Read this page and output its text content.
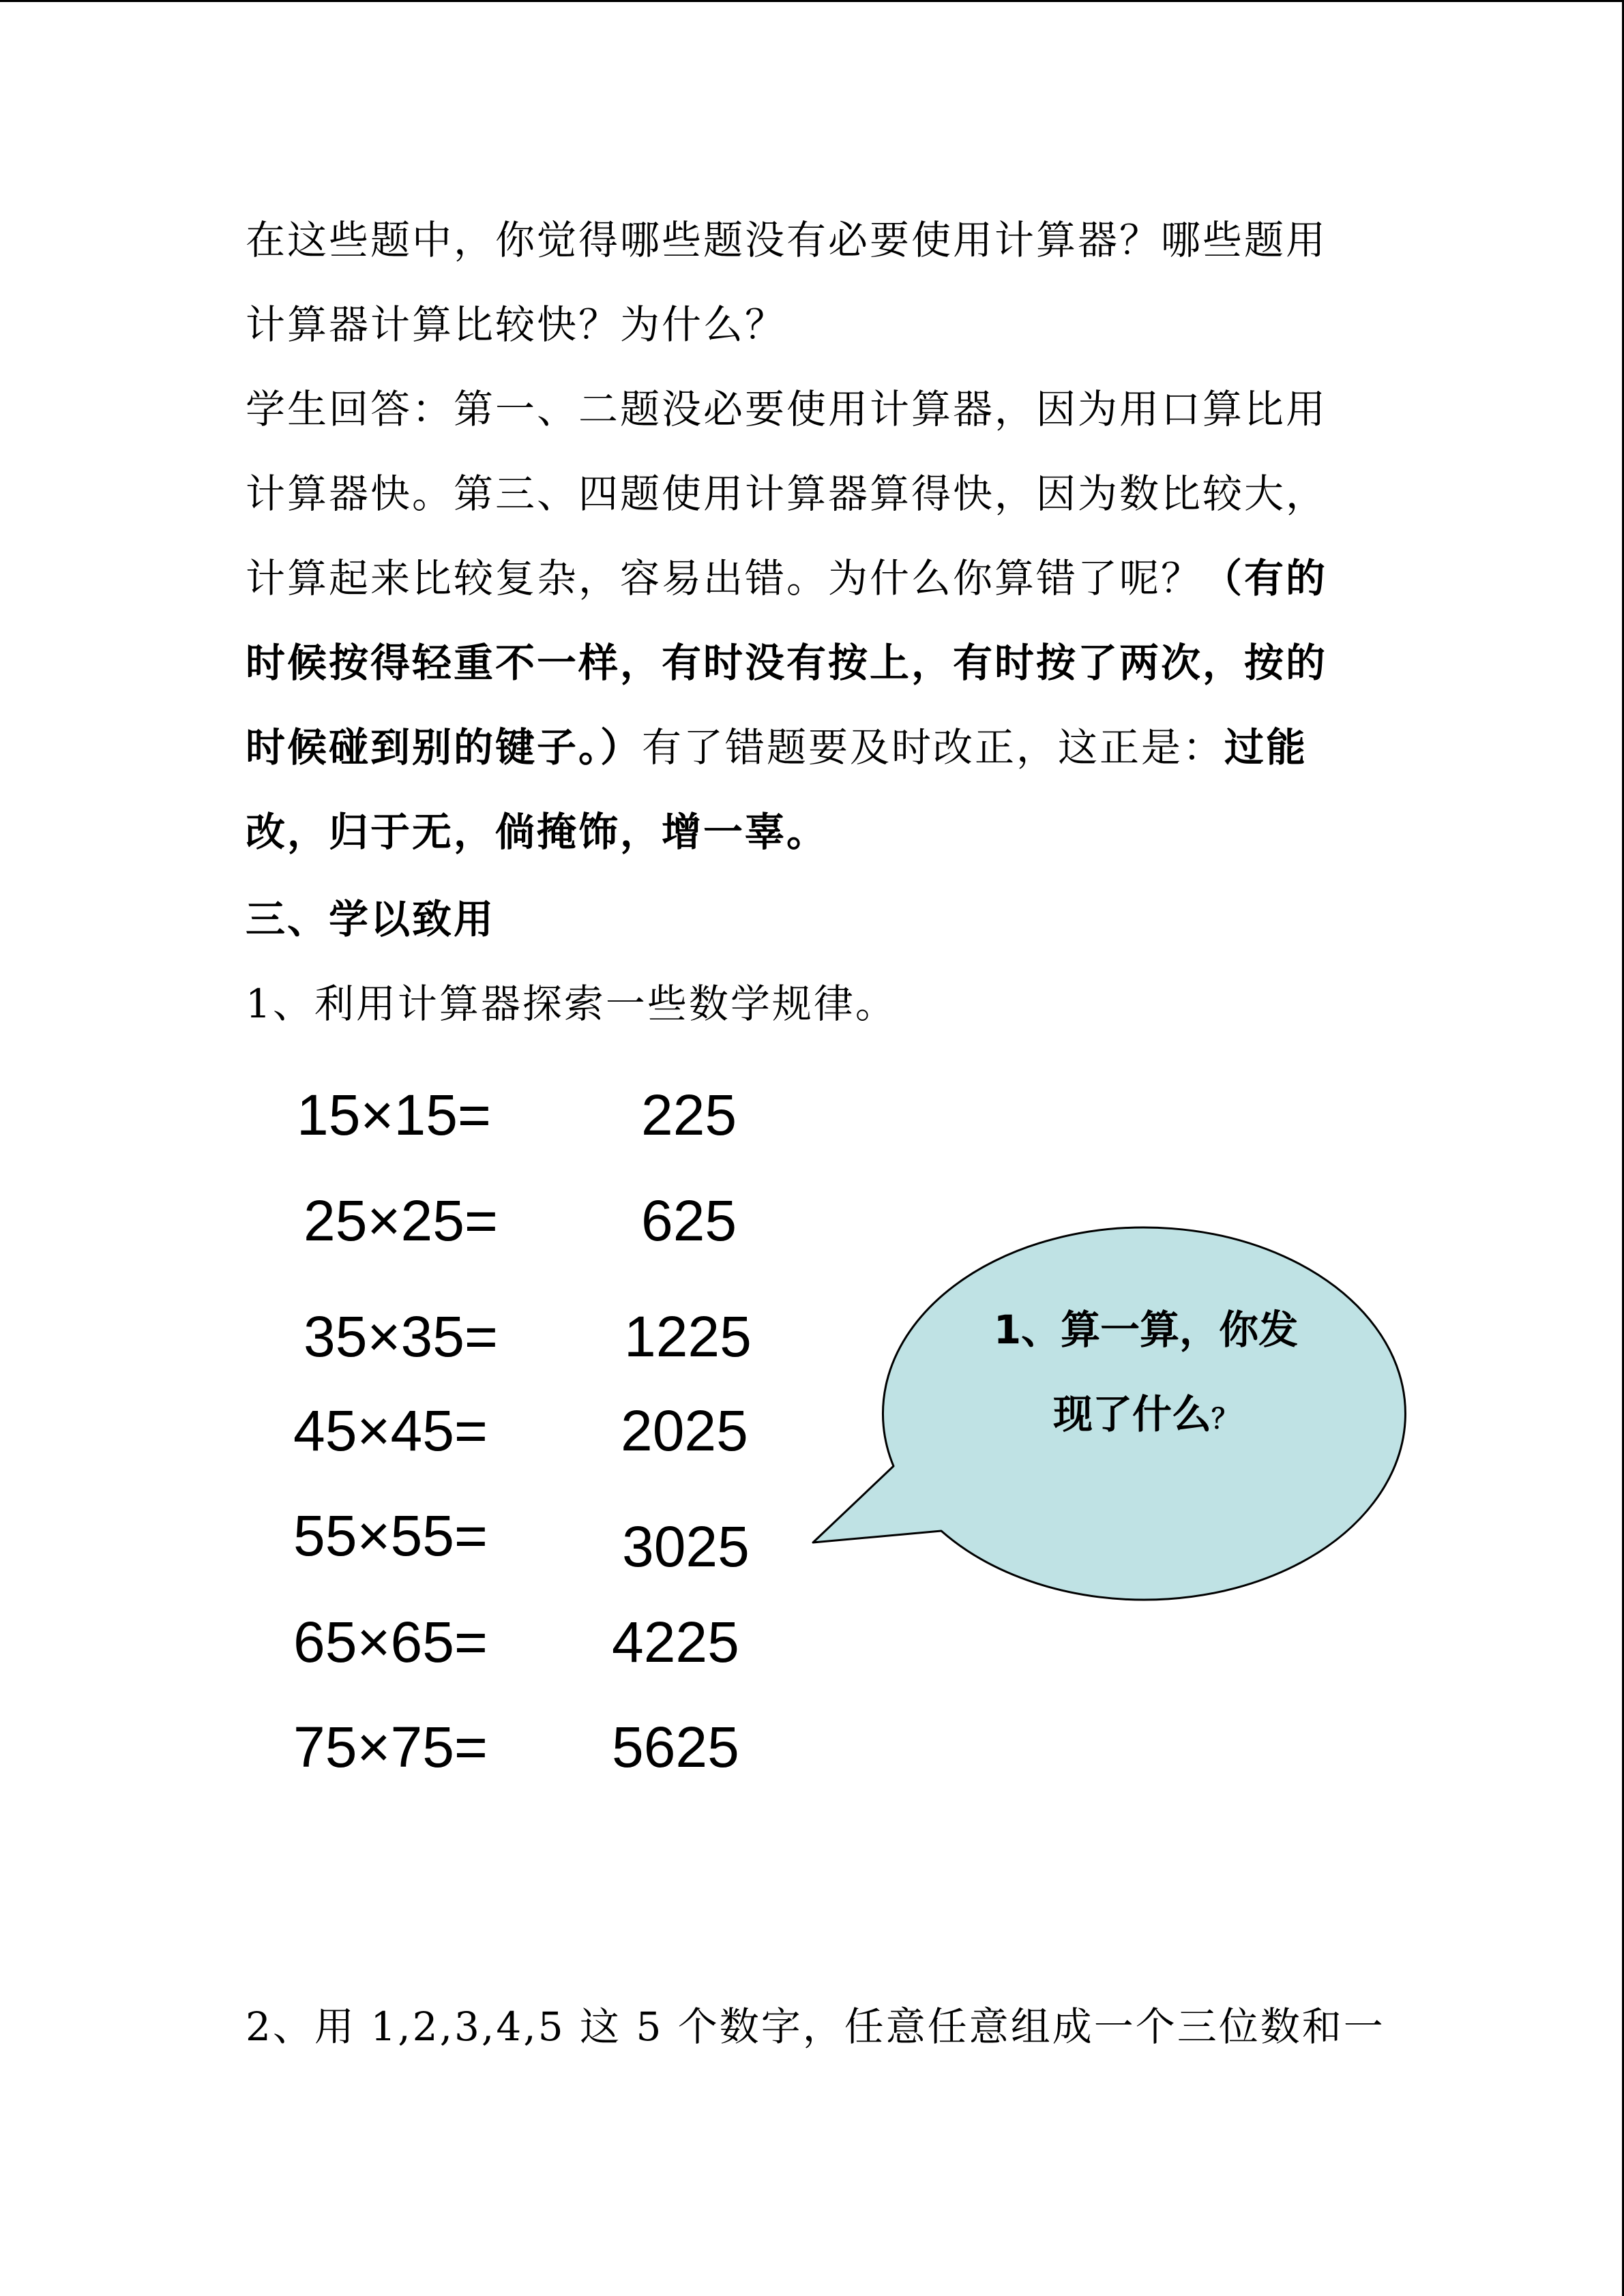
在这些题中，你觉得哪些题没有必要使用计算器？哪些题用计算器计算比较快？为什么？

学生回答：第一、二题没必要使用计算器，因为用口算比用计算器快。第三、四题使用计算器算得快，因为数比较大，计算起来比较复杂，容易出错。为什么你算错了呢？（有的时候按得轻重不一样，有时没有按上，有时按了两次，按的时候碰到别的键子。）有了错题要及时改正，这正是：过能改，归于无，倘掩饰，增一辜。

三、学以致用
1、利用计算器探索一些数学规律。
15×15=	225
25×25=	625
35×35= 1225
45×45= 2025
55×55= 3025
65×65= 4225
75×75= 5625
1、算一算，你发
现了什么？
2、用 1,2,3,4,5 这 5 个数字，任意任意组成一个三位数和一
